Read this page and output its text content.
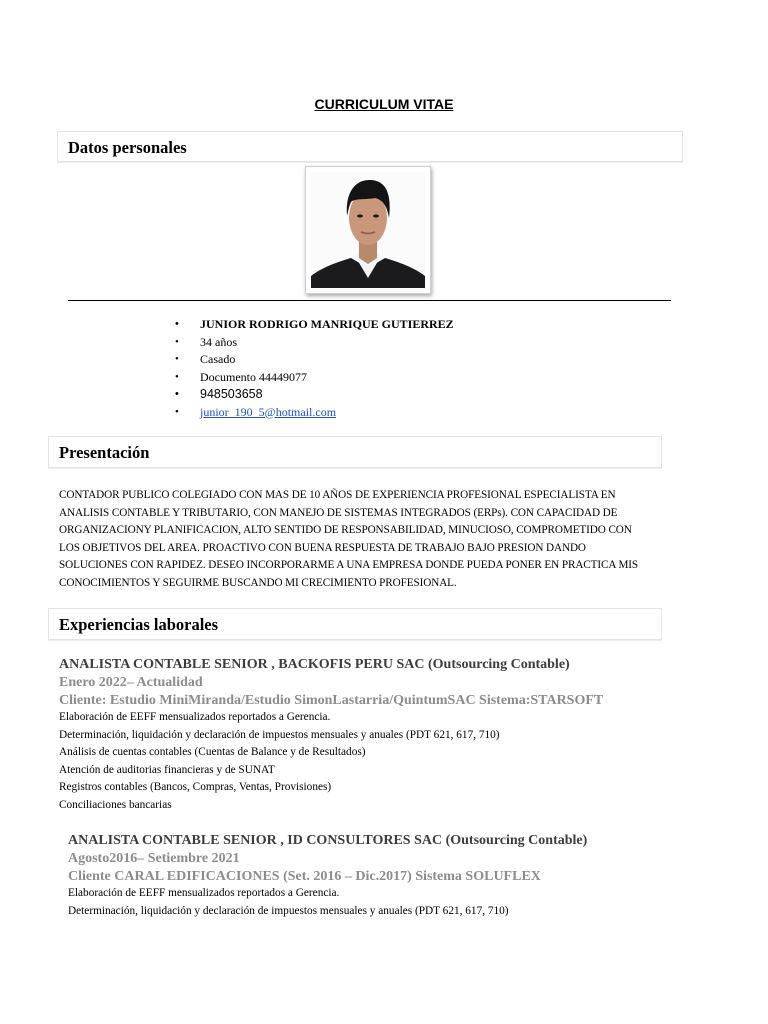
CURRICULUM VITAE
Datos personales
• JUNIOR RODRIGO MANRIQUE GUTIERREZ
• 34 años
• Casado
• Documento 44449077
• 948503658
• junior_190_5@hotmail.com
Presentación
CONTADOR PUBLICO COLEGIADO CON MAS DE 10 AÑOS DE EXPERIENCIA PROFESIONAL ESPECIALISTA EN
ANALISIS CONTABLE Y TRIBUTARIO, CON MANEJO DE SISTEMAS INTEGRADOS (ERPs). CON CAPACIDAD DE
ORGANIZACIONY PLANIFICACION, ALTO SENTIDO DE RESPONSABILIDAD, MINUCIOSO, COMPROMETIDO CON
LOS OBJETIVOS DEL AREA. PROACTIVO CON BUENA RESPUESTA DE TRABAJO BAJO PRESION DANDO
SOLUCIONES CON RAPIDEZ. DESEO INCORPORARME A UNA EMPRESA DONDE PUEDA PONER EN PRACTICA MIS
CONOCIMIENTOS Y SEGUIRME BUSCANDO MI CRECIMIENTO PROFESIONAL.
Experiencias laborales
ANALISTA CONTABLE SENIOR , BACKOFIS PERU SAC (Outsourcing Contable)
Enero 2022– Actualidad
Cliente: Estudio MiniMiranda/Estudio SimonLastarria/QuintumSAC Sistema:STARSOFT
Elaboración de EEFF mensualizados reportados a Gerencia.
Determinación, liquidación y declaración de impuestos mensuales y anuales (PDT 621, 617, 710)
Análisis de cuentas contables (Cuentas de Balance y de Resultados)
Atención de auditorias financieras y de SUNAT
Registros contables (Bancos, Compras, Ventas, Provisiones)
Conciliaciones bancarias
ANALISTA CONTABLE SENIOR , ID CONSULTORES SAC (Outsourcing Contable)
Agosto2016– Setiembre 2021
Cliente CARAL EDIFICACIONES (Set. 2016 – Dic.2017) Sistema SOLUFLEX
Elaboración de EEFF mensualizados reportados a Gerencia.
Determinación, liquidación y declaración de impuestos mensuales y anuales (PDT 621, 617, 710)
